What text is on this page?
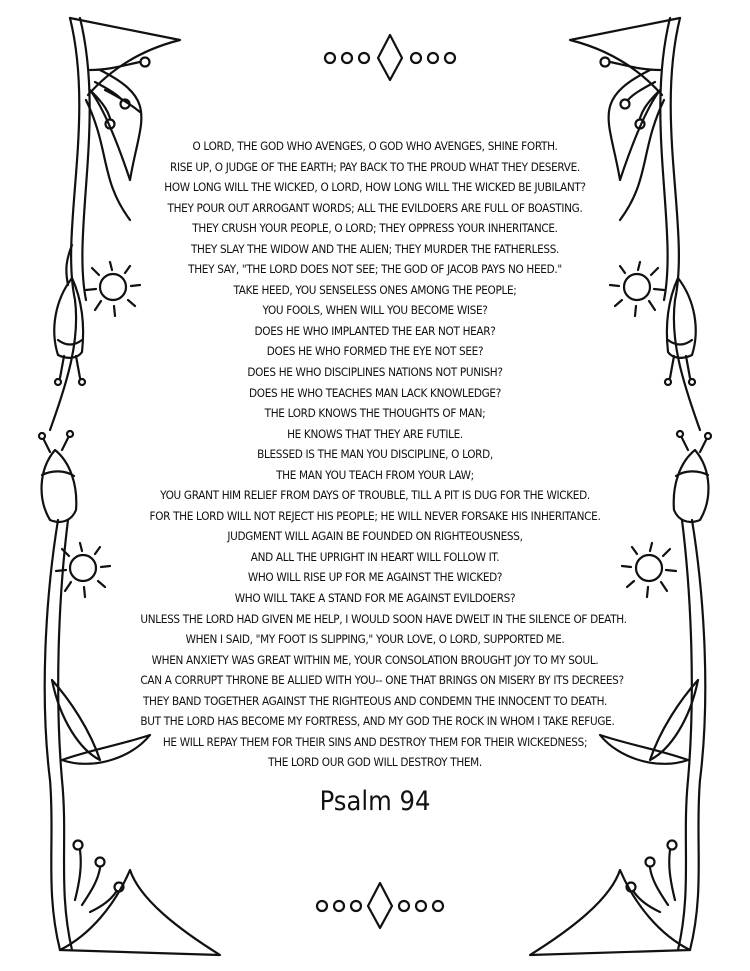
O LORD, THE GOD WHO AVENGES, O GOD WHO AVENGES, SHINE FORTH.
RISE UP, O JUDGE OF THE EARTH; PAY BACK TO THE PROUD WHAT THEY DESERVE.
HOW LONG WILL THE WICKED, O LORD, HOW LONG WILL THE WICKED BE JUBILANT?
THEY POUR OUT ARROGANT WORDS; ALL THE EVILDOERS ARE FULL OF BOASTING.
THEY CRUSH YOUR PEOPLE, O LORD; THEY OPPRESS YOUR INHERITANCE.
THEY SLAY THE WIDOW AND THE ALIEN; THEY MURDER THE FATHERLESS.
THEY SAY, "THE LORD DOES NOT SEE; THE GOD OF JACOB PAYS NO HEED."
TAKE HEED, YOU SENSELESS ONES AMONG THE PEOPLE;
YOU FOOLS, WHEN WILL YOU BECOME WISE?
DOES HE WHO IMPLANTED THE EAR NOT HEAR?
DOES HE WHO FORMED THE EYE NOT SEE?
DOES HE WHO DISCIPLINES NATIONS NOT PUNISH?
DOES HE WHO TEACHES MAN LACK KNOWLEDGE?
THE LORD KNOWS THE THOUGHTS OF MAN;
HE KNOWS THAT THEY ARE FUTILE.
BLESSED IS THE MAN YOU DISCIPLINE, O LORD,
THE MAN YOU TEACH FROM YOUR LAW;
YOU GRANT HIM RELIEF FROM DAYS OF TROUBLE, TILL A PIT IS DUG FOR THE WICKED.
FOR THE LORD WILL NOT REJECT HIS PEOPLE; HE WILL NEVER FORSAKE HIS INHERITANCE.
JUDGMENT WILL AGAIN BE FOUNDED ON RIGHTEOUSNESS,
AND ALL THE UPRIGHT IN HEART WILL FOLLOW IT.
WHO WILL RISE UP FOR ME AGAINST THE WICKED?
WHO WILL TAKE A STAND FOR ME AGAINST EVILDOERS?
UNLESS THE LORD HAD GIVEN ME HELP, I WOULD SOON HAVE DWELT IN THE SILENCE OF DEATH.
WHEN I SAID, "MY FOOT IS SLIPPING," YOUR LOVE, O LORD, SUPPORTED ME.
WHEN ANXIETY WAS GREAT WITHIN ME, YOUR CONSOLATION BROUGHT JOY TO MY SOUL.
CAN A CORRUPT THRONE BE ALLIED WITH YOU-- ONE THAT BRINGS ON MISERY BY ITS DECREES?
THEY BAND TOGETHER AGAINST THE RIGHTEOUS AND CONDEMN THE INNOCENT TO DEATH.
BUT THE LORD HAS BECOME MY FORTRESS, AND MY GOD THE ROCK IN WHOM I TAKE REFUGE.
HE WILL REPAY THEM FOR THEIR SINS AND DESTROY THEM FOR THEIR WICKEDNESS;
THE LORD OUR GOD WILL DESTROY THEM.
Psalm 94
